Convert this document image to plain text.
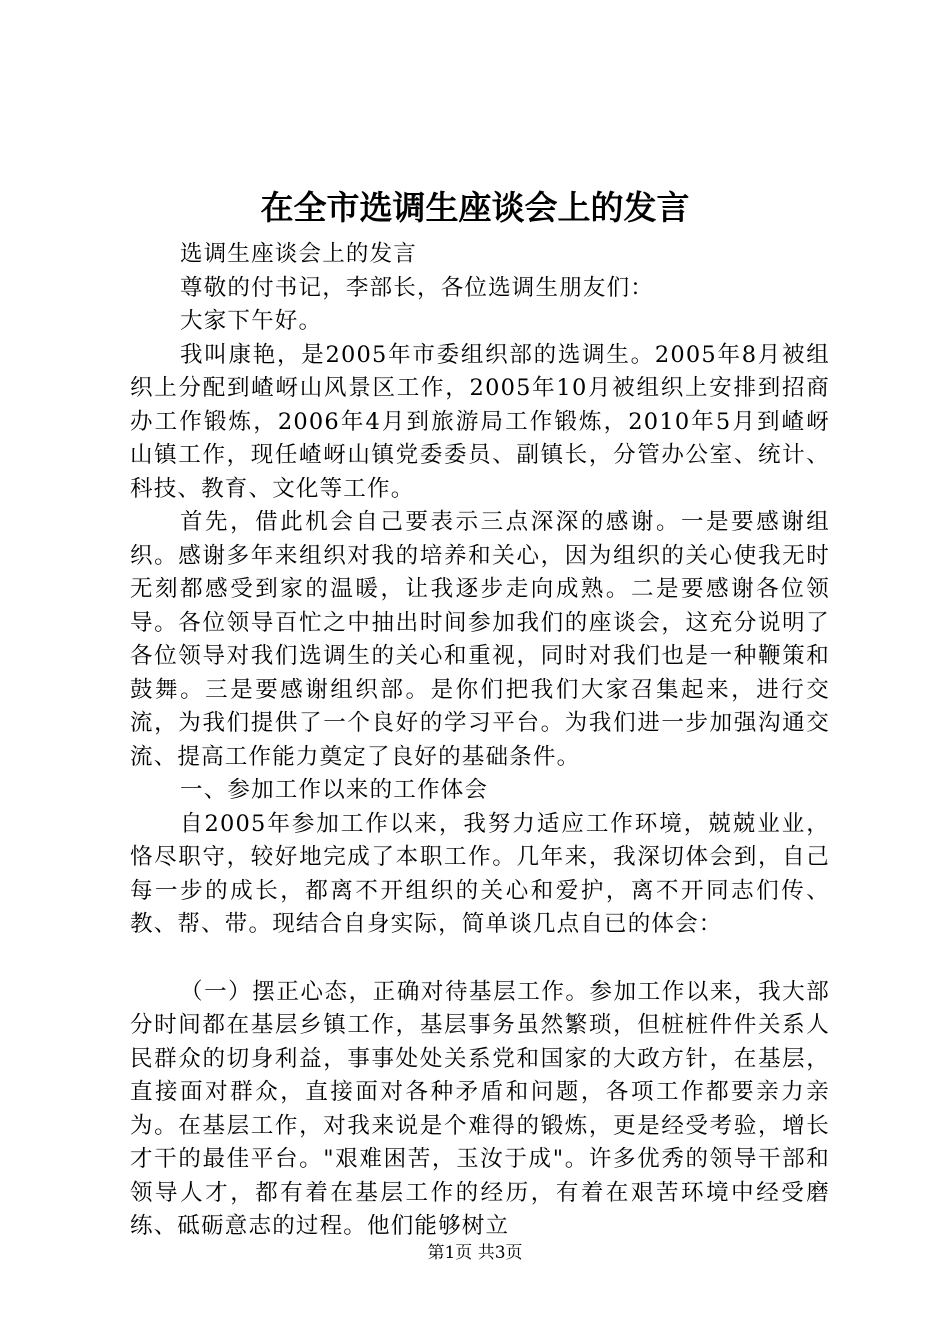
在全市选调生座谈会上的发言

选调生座谈会上的发言

尊敬的付书记，李部长，各位选调生朋友们：

大家下午好。

我叫康艳，是2005年市委组织部的选调生。2005年8月被组织上分配到嵖岈山风景区工作，2005年10月被组织上安排到招商办工作锻炼，2006年4月到旅游局工作锻炼，2010年5月到嵖岈山镇工作，现任嵖岈山镇党委委员、副镇长，分管办公室、统计、科技、教育、文化等工作。

首先，借此机会自己要表示三点深深的感谢。一是要感谢组织。感谢多年来组织对我的培养和关心，因为组织的关心使我无时无刻都感受到家的温暖，让我逐步走向成熟。二是要感谢各位领导。各位领导百忙之中抽出时间参加我们的座谈会，这充分说明了各位领导对我们选调生的关心和重视，同时对我们也是一种鞭策和鼓舞。三是要感谢组织部。是你们把我们大家召集起来，进行交流，为我们提供了一个良好的学习平台。为我们进一步加强沟通交流、提高工作能力奠定了良好的基础条件。

一、参加工作以来的工作体会

自2005年参加工作以来，我努力适应工作环境，兢兢业业，恪尽职守，较好地完成了本职工作。几年来，我深切体会到，自己每一步的成长，都离不开组织的关心和爱护，离不开同志们传、教、帮、带。现结合自身实际，简单谈几点自已的体会：

（一）摆正心态，正确对待基层工作。参加工作以来，我大部分时间都在基层乡镇工作，基层事务虽然繁琐，但桩桩件件关系人民群众的切身利益，事事处处关系党和国家的大政方针，在基层，直接面对群众，直接面对各种矛盾和问题，各项工作都要亲力亲为。在基层工作，对我来说是个难得的锻炼，更是经受考验，增长才干的最佳平台。"艰难困苦，玉汝于成"。许多优秀的领导干部和领导人才，都有着在基层工作的经历，有着在艰苦环境中经受磨练、砥砺意志的过程。他们能够树立

第1页 共3页
